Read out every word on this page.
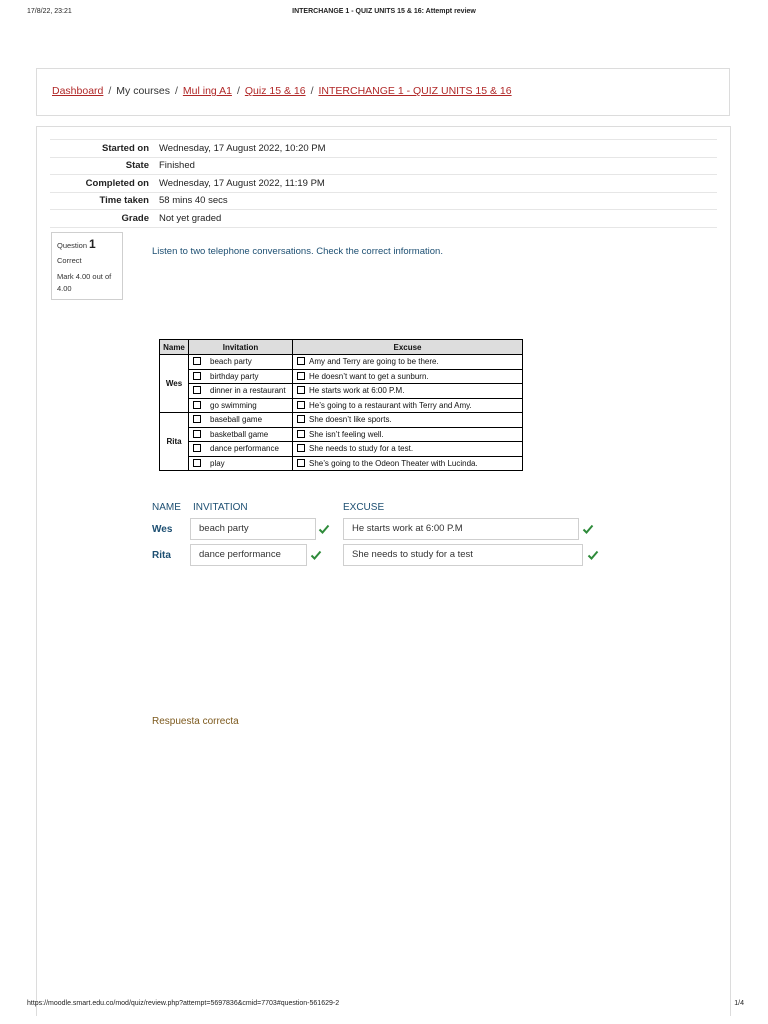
17/8/22, 23:21	INTERCHANGE 1 - QUIZ UNITS 15 & 16: Attempt review
Dashboard / My courses / Mul ing A1 / Quiz 15 & 16 / INTERCHANGE 1 - QUIZ UNITS 15 & 16
Started on	Wednesday, 17 August 2022, 10:20 PM
State	Finished
Completed on	Wednesday, 17 August 2022, 11:19 PM
Time taken	58 mins 40 secs
Grade	Not yet graded
Question 1
Correct
Mark 4.00 out of 4.00
Listen to two telephone conversations. Check the correct information.
Name	Invitation	Excuse
Wes	beach party	Amy and Terry are going to be there.
	birthday party	He doesn’t want to get a sunburn.
	dinner in a restaurant	He starts work at 6:00 P.M.
	go swimming	He’s going to a restaurant with Terry and Amy.
Rita	baseball game	She doesn’t like sports.
	basketball game	She isn’t feeling well.
	dance performance	She needs to study for a test.
	play	She’s going to the Odeon Theater with Lucinda.
NAME INVITATION	EXCUSE
Wes	beach party	He starts work at 6:00 P.M
Rita	dance performance	She needs to study for a test
Respuesta correcta
https://moodle.smart.edu.co/mod/quiz/review.php?attempt=5697836&cmid=7703#question-561629-2	1/4
